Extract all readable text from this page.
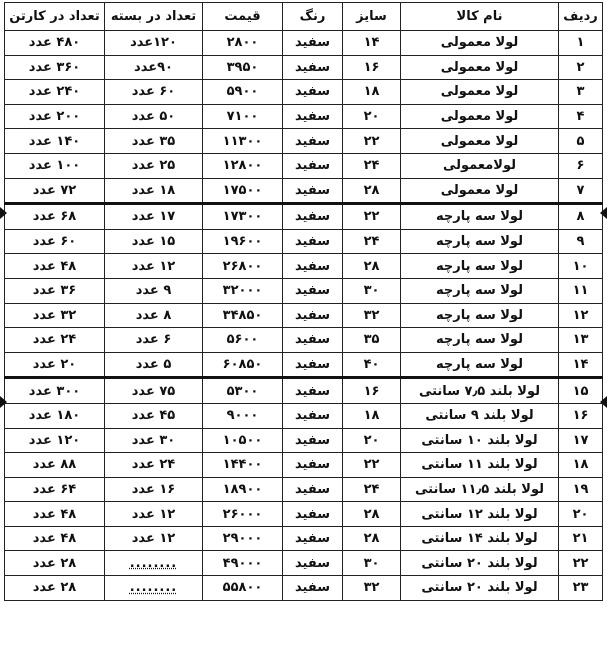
ردیف	نام کالا	سایز	رنگ	قیمت	تعداد در بسته	تعداد در کارتن
۱	لولا معمولی	۱۴	سفید	۲۸۰۰	۱۲۰عدد	۴۸۰ عدد
۲	لولا معمولی	۱۶	سفید	۳۹۵۰	۹۰عدد	۳۶۰ عدد
۳	لولا معمولی	۱۸	سفید	۵۹۰۰	۶۰ عدد	۲۴۰ عدد
۴	لولا معمولی	۲۰	سفید	۷۱۰۰	۵۰ عدد	۲۰۰ عدد
۵	لولا معمولی	۲۲	سفید	۱۱۳۰۰	۳۵ عدد	۱۴۰ عدد
۶	لولامعمولی	۲۴	سفید	۱۲۸۰۰	۲۵ عدد	۱۰۰ عدد
۷	لولا معمولی	۲۸	سفید	۱۷۵۰۰	۱۸ عدد	۷۲ عدد
۸	لولا سه پارچه	۲۲	سفید	۱۷۳۰۰	۱۷ عدد	۶۸ عدد
۹	لولا سه پارچه	۲۴	سفید	۱۹۶۰۰	۱۵ عدد	۶۰ عدد
۱۰	لولا سه پارچه	۲۸	سفید	۲۶۸۰۰	۱۲ عدد	۴۸ عدد
۱۱	لولا سه پارچه	۳۰	سفید	۳۲۰۰۰	۹ عدد	۳۶ عدد
۱۲	لولا سه پارچه	۳۲	سفید	۳۴۸۵۰	۸ عدد	۳۲ عدد
۱۳	لولا سه پارچه	۳۵	سفید	۵۶۰۰	۶ عدد	۲۴ عدد
۱۴	لولا سه پارچه	۴۰	سفید	۶۰۸۵۰	۵ عدد	۲۰ عدد
۱۵	لولا بلند ۷٫۵ سانتی	۱۶	سفید	۵۳۰۰	۷۵ عدد	۳۰۰ عدد
۱۶	لولا بلند ۹ سانتی	۱۸	سفید	۹۰۰۰	۴۵ عدد	۱۸۰ عدد
۱۷	لولا بلند ۱۰ سانتی	۲۰	سفید	۱۰۵۰۰	۳۰ عدد	۱۲۰ عدد
۱۸	لولا بلند ۱۱ سانتی	۲۲	سفید	۱۴۴۰۰	۲۴ عدد	۸۸ عدد
۱۹	لولا بلند ۱۱٫۵ سانتی	۲۴	سفید	۱۸۹۰۰	۱۶ عدد	۶۴ عدد
۲۰	لولا بلند ۱۲ سانتی	۲۸	سفید	۲۶۰۰۰	۱۲ عدد	۴۸ عدد
۲۱	لولا بلند ۱۴ سانتی	۲۸	سفید	۲۹۰۰۰	۱۲ عدد	۴۸ عدد
۲۲	لولا بلند ۲۰ سانتی	۳۰	سفید	۴۹۰۰۰	........	۲۸ عدد
۲۳	لولا بلند ۲۰ سانتی	۳۲	سفید	۵۵۸۰۰	........	۲۸ عدد
